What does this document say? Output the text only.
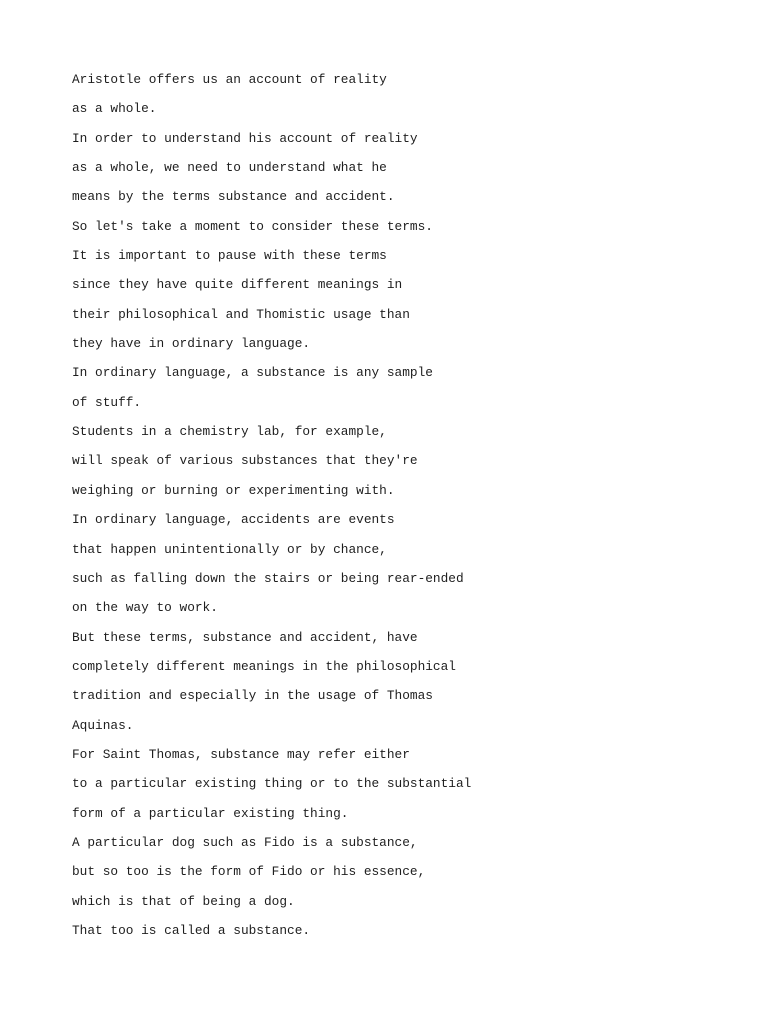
Aristotle offers us an account of reality
as a whole.
In order to understand his account of reality
as a whole, we need to understand what he
means by the terms substance and accident.
So let's take a moment to consider these terms.
It is important to pause with these terms
since they have quite different meanings in
their philosophical and Thomistic usage than
they have in ordinary language.
In ordinary language, a substance is any sample
of stuff.
Students in a chemistry lab, for example,
will speak of various substances that they're
weighing or burning or experimenting with.
In ordinary language, accidents are events
that happen unintentionally or by chance,
such as falling down the stairs or being rear-ended
on the way to work.
But these terms, substance and accident, have
completely different meanings in the philosophical
tradition and especially in the usage of Thomas
Aquinas.
For Saint Thomas, substance may refer either
to a particular existing thing or to the substantial
form of a particular existing thing.
A particular dog such as Fido is a substance,
but so too is the form of Fido or his essence,
which is that of being a dog.
That too is called a substance.
